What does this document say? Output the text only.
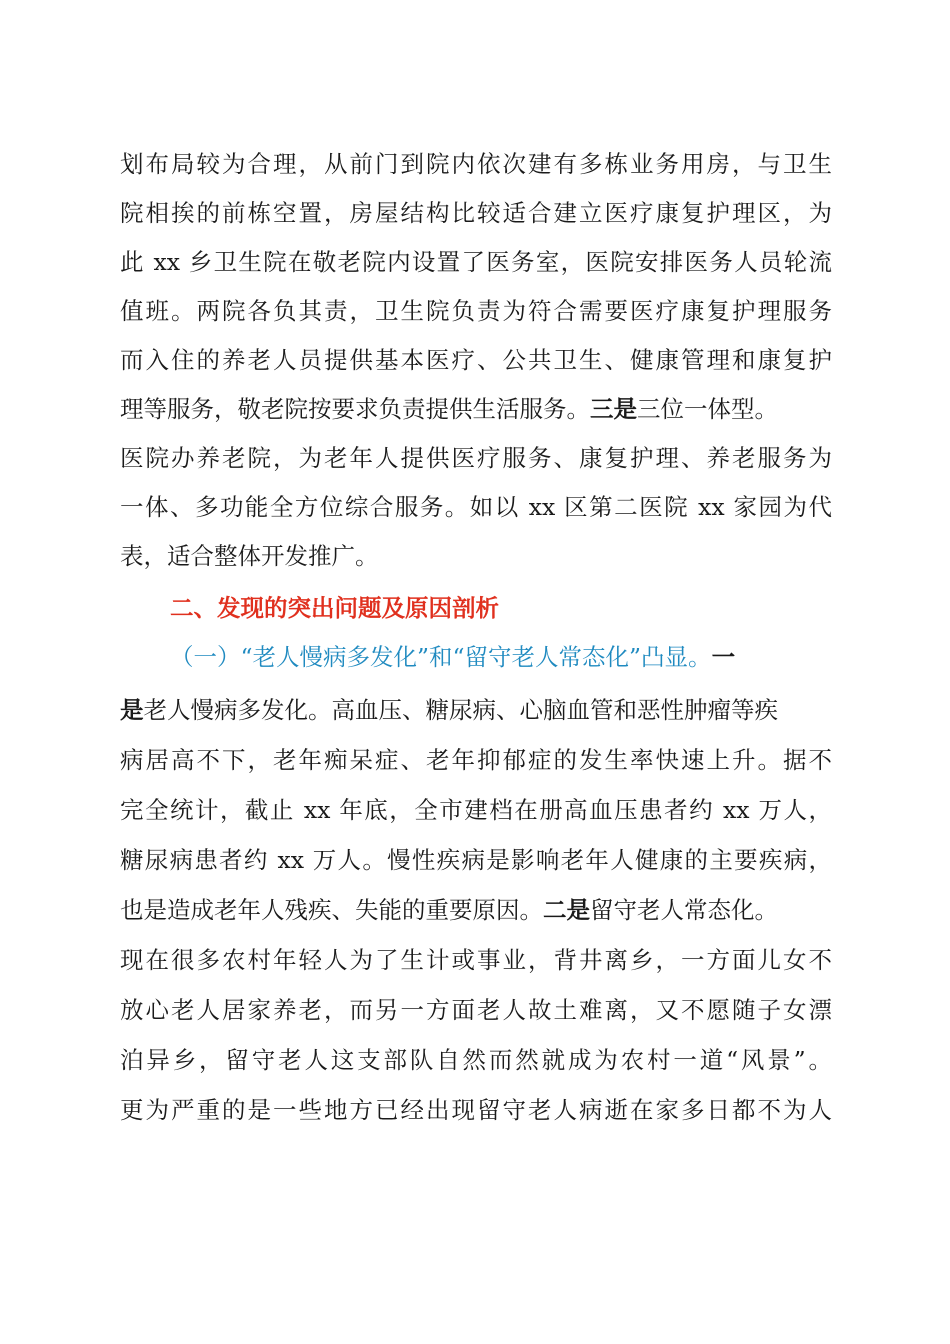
划布局较为合理，从前门到院内依次建有多栋业务用房，与卫生
院相挨的前栋空置，房屋结构比较适合建立医疗康复护理区，为
此 xx 乡卫生院在敬老院内设置了医务室，医院安排医务人员轮流
值班。两院各负其责，卫生院负责为符合需要医疗康复护理服务
而入住的养老人员提供基本医疗、公共卫生、健康管理和康复护
理等服务，敬老院按要求负责提供生活服务。三是三位一体型。
医院办养老院，为老年人提供医疗服务、康复护理、养老服务为
一体、多功能全方位综合服务。如以 xx 区第二医院 xx 家园为代
表，适合整体开发推广。
二、发现的突出问题及原因剖析
（一）“老人慢病多发化”和“留守老人常态化”凸显。一
是老人慢病多发化。高血压、糖尿病、心脑血管和恶性肿瘤等疾
病居高不下，老年痴呆症、老年抑郁症的发生率快速上升。据不
完全统计，截止 xx 年底，全市建档在册高血压患者约 xx 万人，
糖尿病患者约 xx 万人。慢性疾病是影响老年人健康的主要疾病，
也是造成老年人残疾、失能的重要原因。二是留守老人常态化。
现在很多农村年轻人为了生计或事业，背井离乡，一方面儿女不
放心老人居家养老，而另一方面老人故土难离，又不愿随子女漂
泊异乡，留守老人这支部队自然而然就成为农村一道“风景”。
更为严重的是一些地方已经出现留守老人病逝在家多日都不为人
